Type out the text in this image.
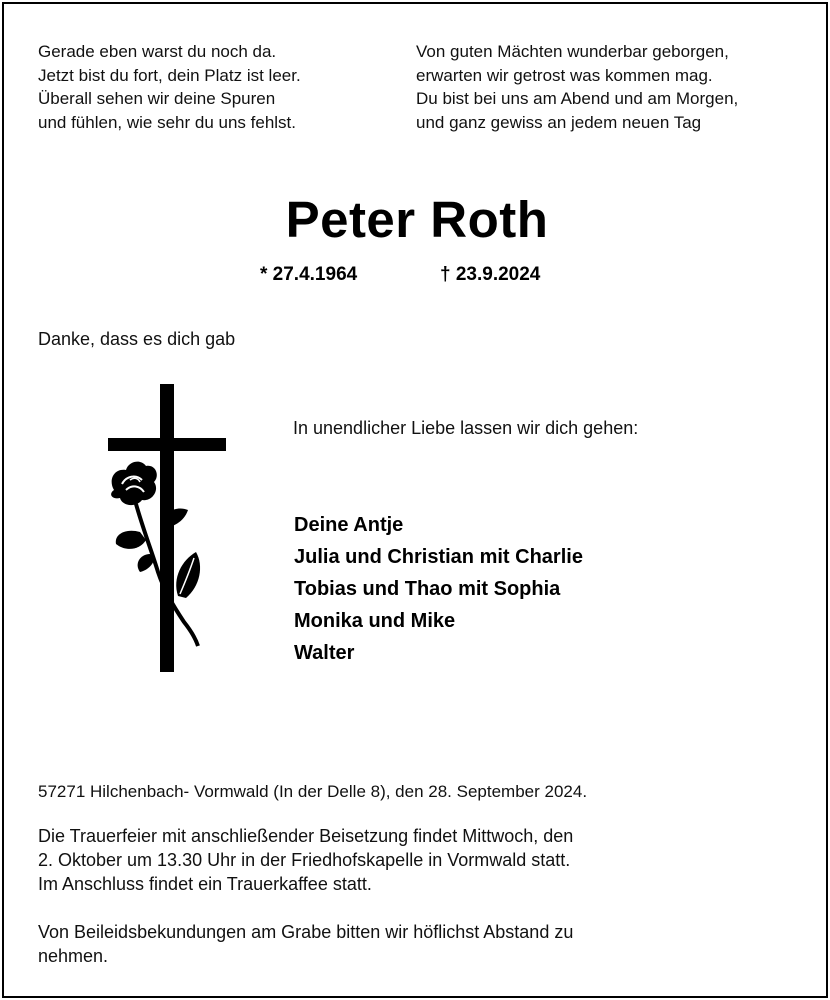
Gerade eben warst du noch da.
Jetzt bist du fort, dein Platz ist leer.
Überall sehen wir deine Spuren
und fühlen, wie sehr du uns fehlst.
Von guten Mächten wunderbar geborgen,
erwarten wir getrost was kommen mag.
Du bist bei uns am Abend und am Morgen,
und ganz gewiss an jedem neuen Tag
Peter Roth
* 27.4.1964	† 23.9.2024
Danke, dass es dich gab
In unendlicher Liebe lassen wir dich gehen:
Deine Antje
Julia und Christian mit Charlie
Tobias und Thao mit Sophia
Monika und Mike
Walter
57271 Hilchenbach- Vormwald (In der Delle 8), den 28. September 2024.
Die Trauerfeier mit anschließender Beisetzung findet Mittwoch, den
2. Oktober um 13.30 Uhr in der Friedhofskapelle in Vormwald statt.
Im Anschluss findet ein Trauerkaffee statt.
Von Beileidsbekundungen am Grabe bitten wir höflichst Abstand zu
nehmen.
